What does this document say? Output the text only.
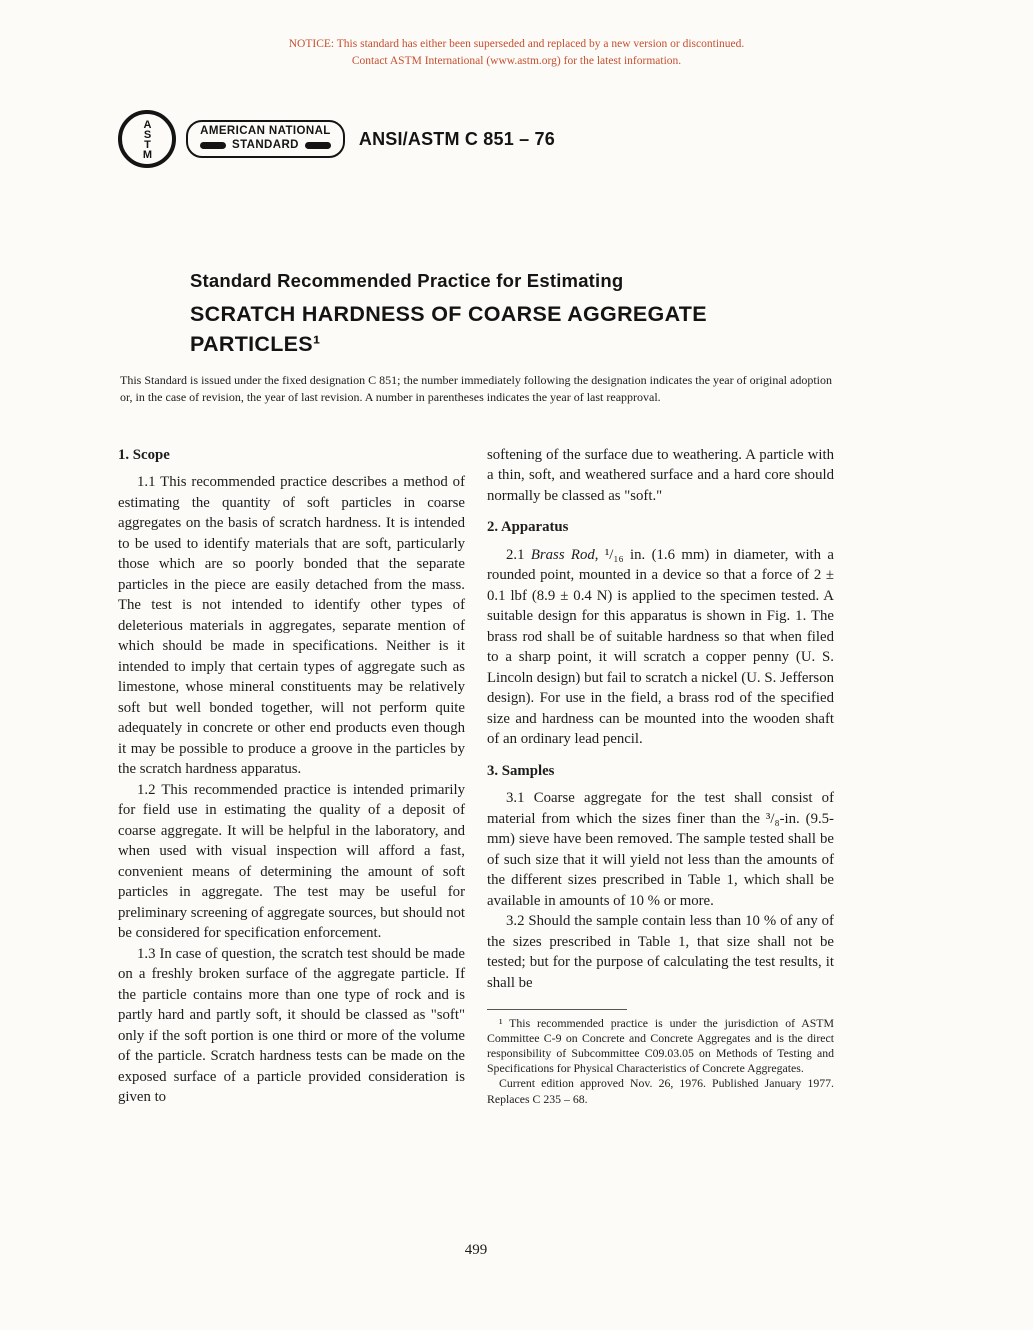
NOTICE: This standard has either been superseded and replaced by a new version or discontinued.
Contact ASTM International (www.astm.org) for the latest information.
ASTM	AMERICAN NATIONAL
STANDARD	ANSI/ASTM C 851 – 76
Standard Recommended Practice for Estimating
SCRATCH HARDNESS OF COARSE AGGREGATE
PARTICLES¹

This Standard is issued under the fixed designation C 851; the number immediately following the designation indicates the year of original adoption or, in the case of revision, the year of last revision. A number in parentheses indicates the year of last reapproval.

1. Scope

1.1 This recommended practice describes a method of estimating the quantity of soft particles in coarse aggregates on the basis of scratch hardness. It is intended to be used to identify materials that are soft, particularly those which are so poorly bonded that the separate particles in the piece are easily detached from the mass. The test is not intended to identify other types of deleterious materials in aggregates, separate mention of which should be made in specifications. Neither is it intended to imply that certain types of aggregate such as limestone, whose mineral constituents may be relatively soft but well bonded together, will not perform quite adequately in concrete or other end products even though it may be possible to produce a groove in the particles by the scratch hardness apparatus.

1.2 This recommended practice is intended primarily for field use in estimating the quality of a deposit of coarse aggregate. It will be helpful in the laboratory, and when used with visual inspection will afford a fast, convenient means of determining the amount of soft particles in aggregate. The test may be useful for preliminary screening of aggregate sources, but should not be considered for specification enforcement.

1.3 In case of question, the scratch test should be made on a freshly broken surface of the aggregate particle. If the particle contains more than one type of rock and is partly hard and partly soft, it should be classed as "soft" only if the soft portion is one third or more of the volume of the particle. Scratch hardness tests can be made on the exposed surface of a particle provided consideration is given to

softening of the surface due to weathering. A particle with a thin, soft, and weathered surface and a hard core should normally be classed as "soft."

2. Apparatus

2.1 Brass Rod, ¹/₁₆ in. (1.6 mm) in diameter, with a rounded point, mounted in a device so that a force of 2 ± 0.1 lbf (8.9 ± 0.4 N) is applied to the specimen tested. A suitable design for this apparatus is shown in Fig. 1. The brass rod shall be of suitable hardness so that when filed to a sharp point, it will scratch a copper penny (U. S. Lincoln design) but fail to scratch a nickel (U. S. Jefferson design). For use in the field, a brass rod of the specified size and hardness can be mounted into the wooden shaft of an ordinary lead pencil.

3. Samples

3.1 Coarse aggregate for the test shall consist of material from which the sizes finer than the ³/₈-in. (9.5-mm) sieve have been removed. The sample tested shall be of such size that it will yield not less than the amounts of the different sizes prescribed in Table 1, which shall be available in amounts of 10 % or more.

3.2 Should the sample contain less than 10 % of any of the sizes prescribed in Table 1, that size shall not be tested; but for the purpose of calculating the test results, it shall be

¹ This recommended practice is under the jurisdiction of ASTM Committee C-9 on Concrete and Concrete Aggregates and is the direct responsibility of Subcommittee C09.03.05 on Methods of Testing and Specifications for Physical Characteristics of Concrete Aggregates.

Current edition approved Nov. 26, 1976. Published January 1977. Replaces C 235 – 68.

499
